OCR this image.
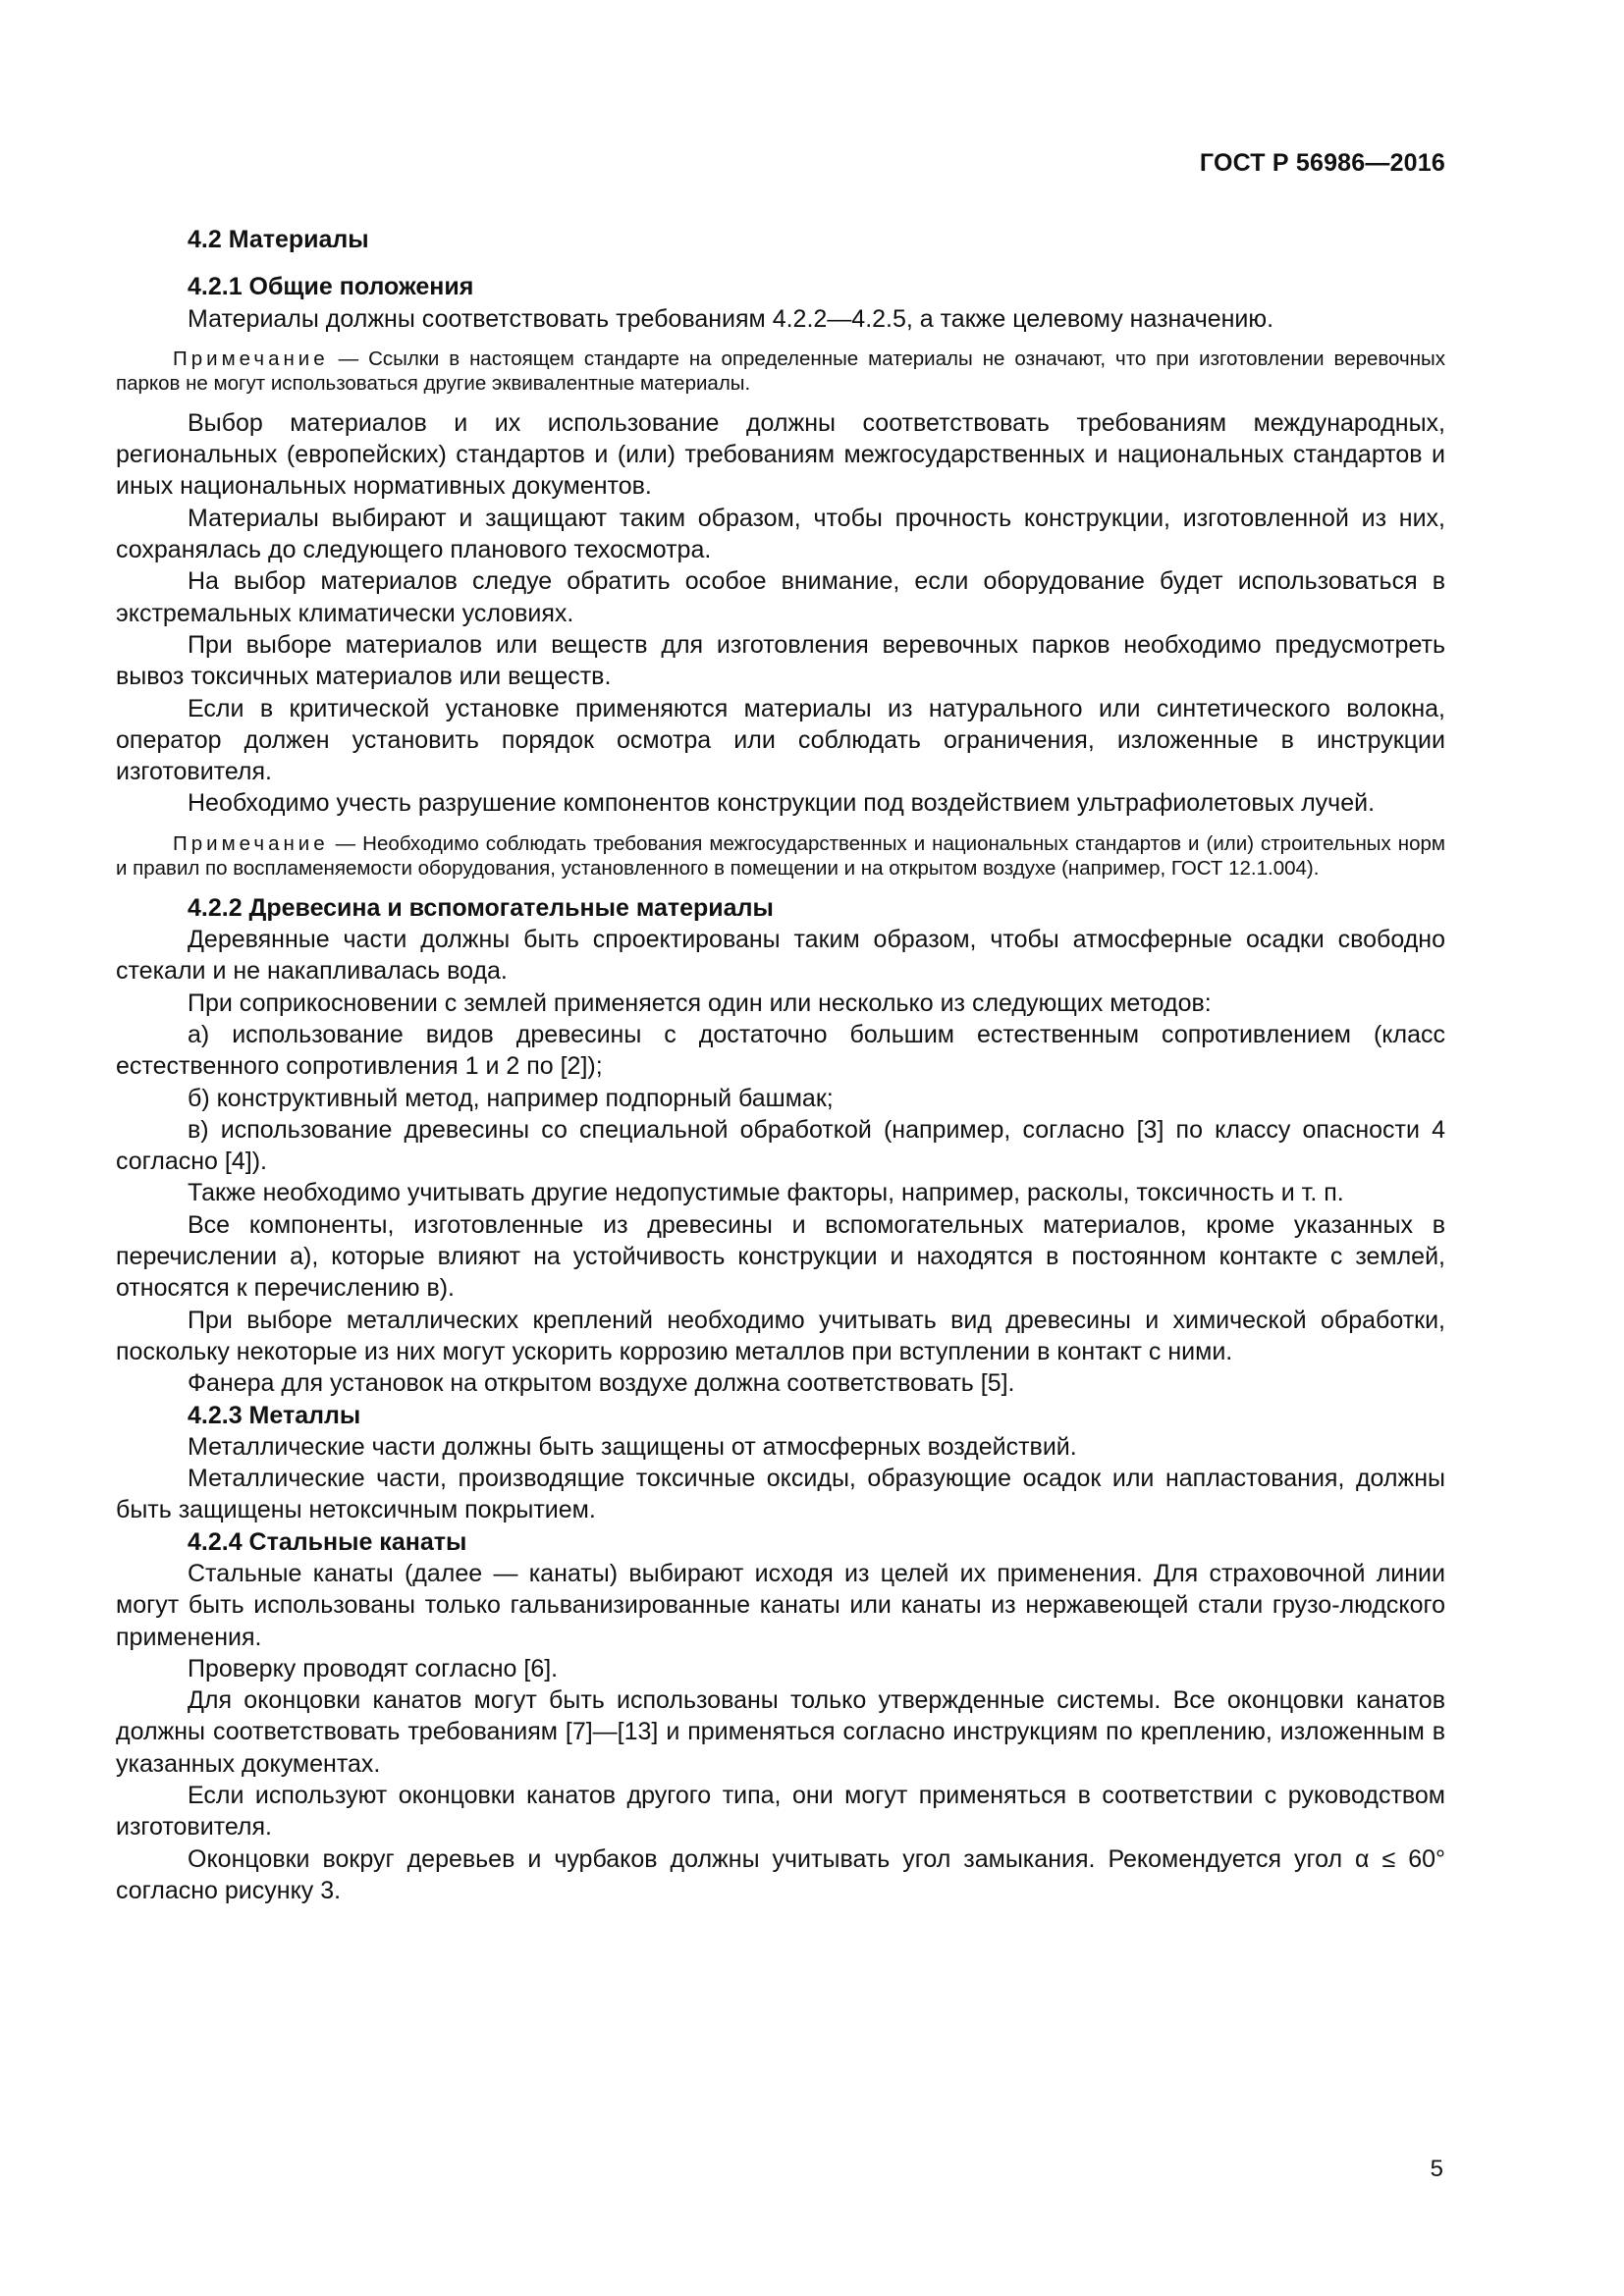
ГОСТ Р 56986—2016

4.2 Материалы

4.2.1 Общие положения

Материалы должны соответствовать требованиям 4.2.2—4.2.5, а также целевому назначению.

Примечание — Ссылки в настоящем стандарте на определенные материалы не означают, что при изготовлении веревочных парков не могут использоваться другие эквивалентные материалы.

Выбор материалов и их использование должны соответствовать требованиям международных, региональных (европейских) стандартов и (или) требованиям межгосударственных и национальных стандартов и иных национальных нормативных документов.

Материалы выбирают и защищают таким образом, чтобы прочность конструкции, изготовленной из них, сохранялась до следующего планового техосмотра.

На выбор материалов следуе обратить особое внимание, если оборудование будет использоваться в экстремальных климатически условиях.

При выборе материалов или веществ для изготовления веревочных парков необходимо предусмотреть вывоз токсичных материалов или веществ.

Если в критической установке применяются материалы из натурального или синтетического волокна, оператор должен установить порядок осмотра или соблюдать ограничения, изложенные в инструкции изготовителя.

Необходимо учесть разрушение компонентов конструкции под воздействием ультрафиолетовых лучей.

Примечание — Необходимо соблюдать требования межгосударственных и национальных стандартов и (или) строительных норм и правил по воспламеняемости оборудования, установленного в помещении и на открытом воздухе (например, ГОСТ 12.1.004).

4.2.2 Древесина и вспомогательные материалы

Деревянные части должны быть спроектированы таким образом, чтобы атмосферные осадки свободно стекали и не накапливалась вода.

При соприкосновении с землей применяется один или несколько из следующих методов:

а) использование видов древесины с достаточно большим естественным сопротивлением (класс естественного сопротивления 1 и 2 по [2]);

б) конструктивный метод, например подпорный башмак;

в) использование древесины со специальной обработкой (например, согласно [3] по классу опасности 4 согласно [4]).

Также необходимо учитывать другие недопустимые факторы, например, расколы, токсичность и т. п.

Все компоненты, изготовленные из древесины и вспомогательных материалов, кроме указанных в перечислении а), которые влияют на устойчивость конструкции и находятся в постоянном контакте с землей, относятся к перечислению в).

При выборе металлических креплений необходимо учитывать вид древесины и химической обработки, поскольку некоторые из них могут ускорить коррозию металлов при вступлении в контакт с ними.

Фанера для установок на открытом воздухе должна соответствовать [5].

4.2.3 Металлы

Металлические части должны быть защищены от атмосферных воздействий.

Металлические части, производящие токсичные оксиды, образующие осадок или напластования, должны быть защищены нетоксичным покрытием.

4.2.4 Стальные канаты

Стальные канаты (далее — канаты) выбирают исходя из целей их применения. Для страховочной линии могут быть использованы только гальванизированные канаты или канаты из нержавеющей стали грузо-людского применения.

Проверку проводят согласно [6].

Для оконцовки канатов могут быть использованы только утвержденные системы. Все оконцовки канатов должны соответствовать требованиям [7]—[13] и применяться согласно инструкциям по креплению, изложенным в указанных документах.

Если используют оконцовки канатов другого типа, они могут применяться в соответствии с руководством изготовителя.

Оконцовки вокруг деревьев и чурбаков должны учитывать угол замыкания. Рекомендуется угол α ≤ 60° согласно рисунку 3.

5
